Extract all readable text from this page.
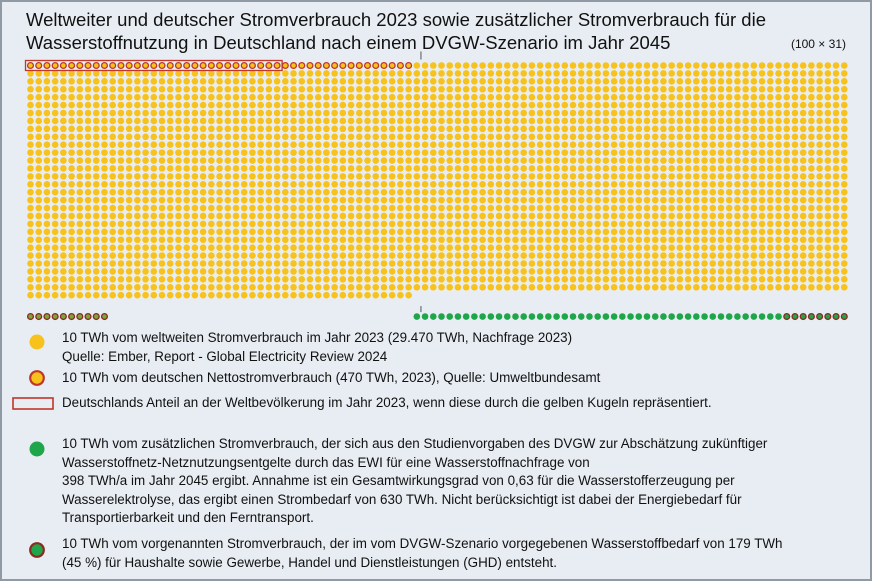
Weltweiter und deutscher Stromverbrauch 2023 sowie zusätzlicher Stromverbrauch für die Wasserstoffnutzung in Deutschland nach einem DVGW-Szenario im Jahr 2045	(100 × 31)
10 TWh vom weltweiten Stromverbrauch im Jahr 2023 (29.470 TWh, Nachfrage 2023)
Quelle: Ember, Report - Global Electricity Review 2024
10 TWh vom deutschen Nettostromverbrauch (470 TWh, 2023), Quelle: Umweltbundesamt
Deutschlands Anteil an der Weltbevölkerung im Jahr 2023, wenn diese durch die gelben Kugeln repräsentiert.
10 TWh vom zusätzlichen Stromverbrauch, der sich aus den Studienvorgaben des DVGW zur Abschätzung zukünftiger
Wasserstoffnetz-Netznutzungsentgelte durch das EWI für eine Wasserstoffnachfrage von
398 TWh/a im Jahr 2045 ergibt. Annahme ist ein Gesamtwirkungsgrad von 0,63 für die Wasserstofferzeugung per
Wasserelektrolyse, das ergibt einen Strombedarf von 630 TWh. Nicht berücksichtigt ist dabei der Energiebedarf für
Transportierbarkeit und den Ferntransport.
10 TWh vom vorgenannten Stromverbrauch, der im vom DVGW-Szenario vorgegebenen Wasserstoffbedarf von 179 TWh
(45 %) für Haushalte sowie Gewerbe, Handel und Dienstleistungen (GHD) entsteht.
